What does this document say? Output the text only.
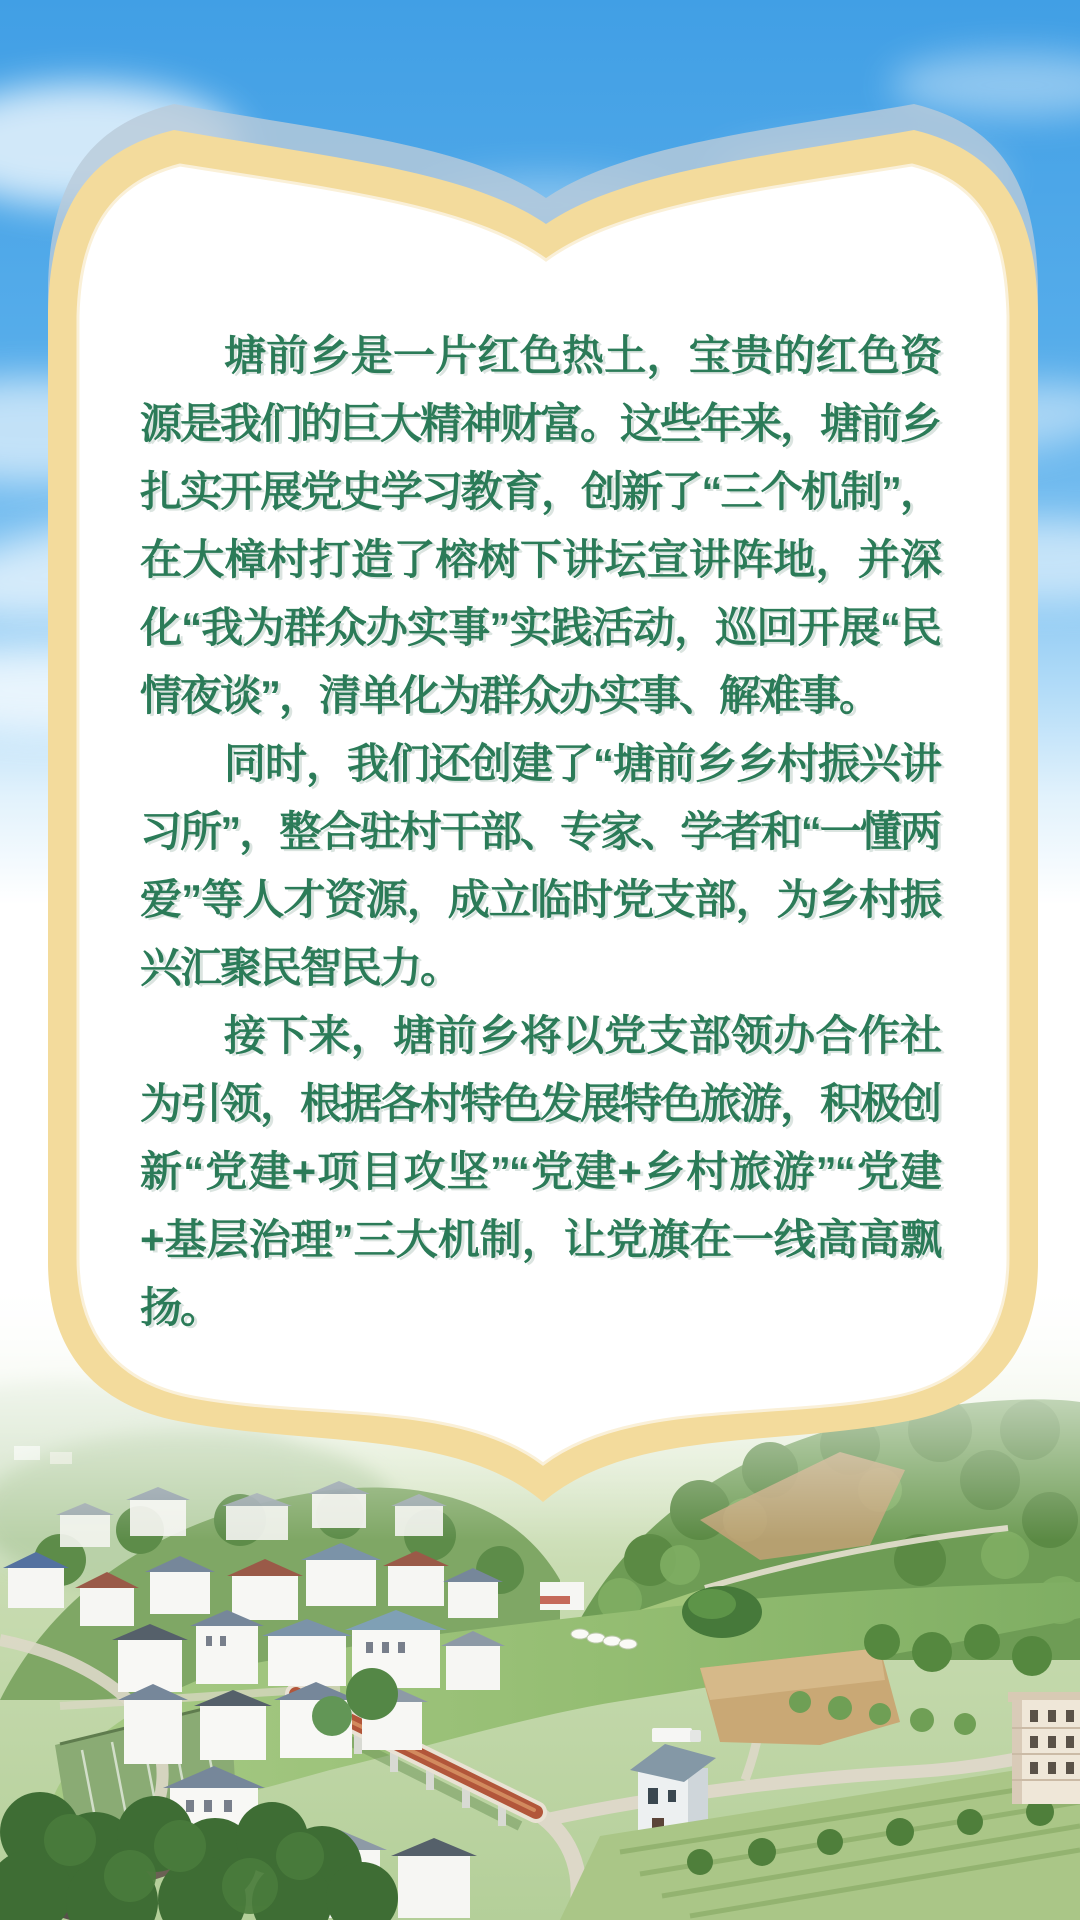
塘前乡是一片红色热土，宝贵的红色资源是我们的巨大精神财富。这些年来，塘前乡扎实开展党史学习教育，创新了“三个机制”，在大樟村打造了榕树下讲坛宣讲阵地，并深化“我为群众办实事”实践活动，巡回开展“民情夜谈”，清单化为群众办实事、解难事。

同时，我们还创建了“塘前乡乡村振兴讲习所”，整合驻村干部、专家、学者和“一懂两爱”等人才资源，成立临时党支部，为乡村振兴汇聚民智民力。

接下来，塘前乡将以党支部领办合作社为引领，根据各村特色发展特色旅游，积极创新“党建+项目攻坚”“党建+乡村旅游”“党建+基层治理”三大机制，让党旗在一线高高飘扬。
